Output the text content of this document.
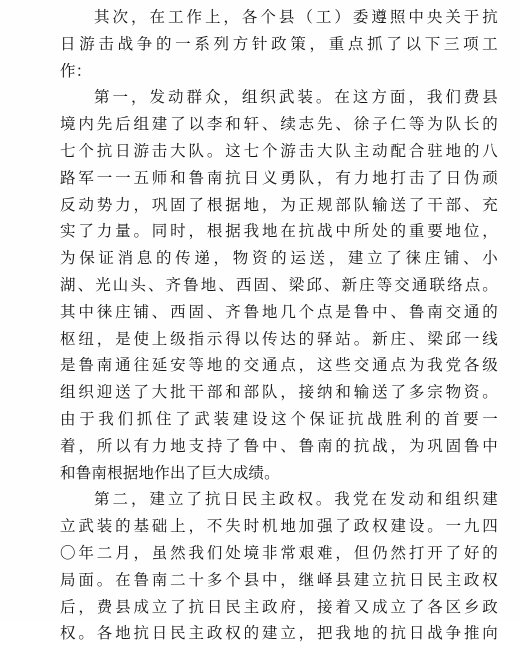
其次，在工作上，各个县（工）委遵照中央关于抗
日游击战争的一系列方针政策，重点抓了以下三项工
作：
第一，发动群众，组织武装。在这方面，我们费县
境内先后组建了以李和轩、续志先、徐子仁等为队长的
七个抗日游击大队。这七个游击大队主动配合驻地的八
路军一一五师和鲁南抗日义勇队，有力地打击了日伪顽
反动势力，巩固了根据地，为正规部队输送了干部、充
实了力量。同时，根据我地在抗战中所处的重要地位，
为保证消息的传递，物资的运送，建立了徕庄铺、小
湖、光山头、齐鲁地、西固、梁邱、新庄等交通联络点。
其中徕庄铺、西固、齐鲁地几个点是鲁中、鲁南交通的
枢纽，是使上级指示得以传达的驿站。新庄、梁邱一线
是鲁南通往延安等地的交通点，这些交通点为我党各级
组织迎送了大批干部和部队，接纳和输送了多宗物资。
由于我们抓住了武装建设这个保证抗战胜利的首要一
着，所以有力地支持了鲁中、鲁南的抗战，为巩固鲁中
和鲁南根据地作出了巨大成绩。
第二，建立了抗日民主政权。我党在发动和组织建
立武装的基础上，不失时机地加强了政权建设。一九四
〇年二月，虽然我们处境非常艰难，但仍然打开了好的
局面。在鲁南二十多个县中，继峄县建立抗日民主政权
后，费县成立了抗日民主政府，接着又成立了各区乡政
权。各地抗日民主政权的建立，把我地的抗日战争推向
